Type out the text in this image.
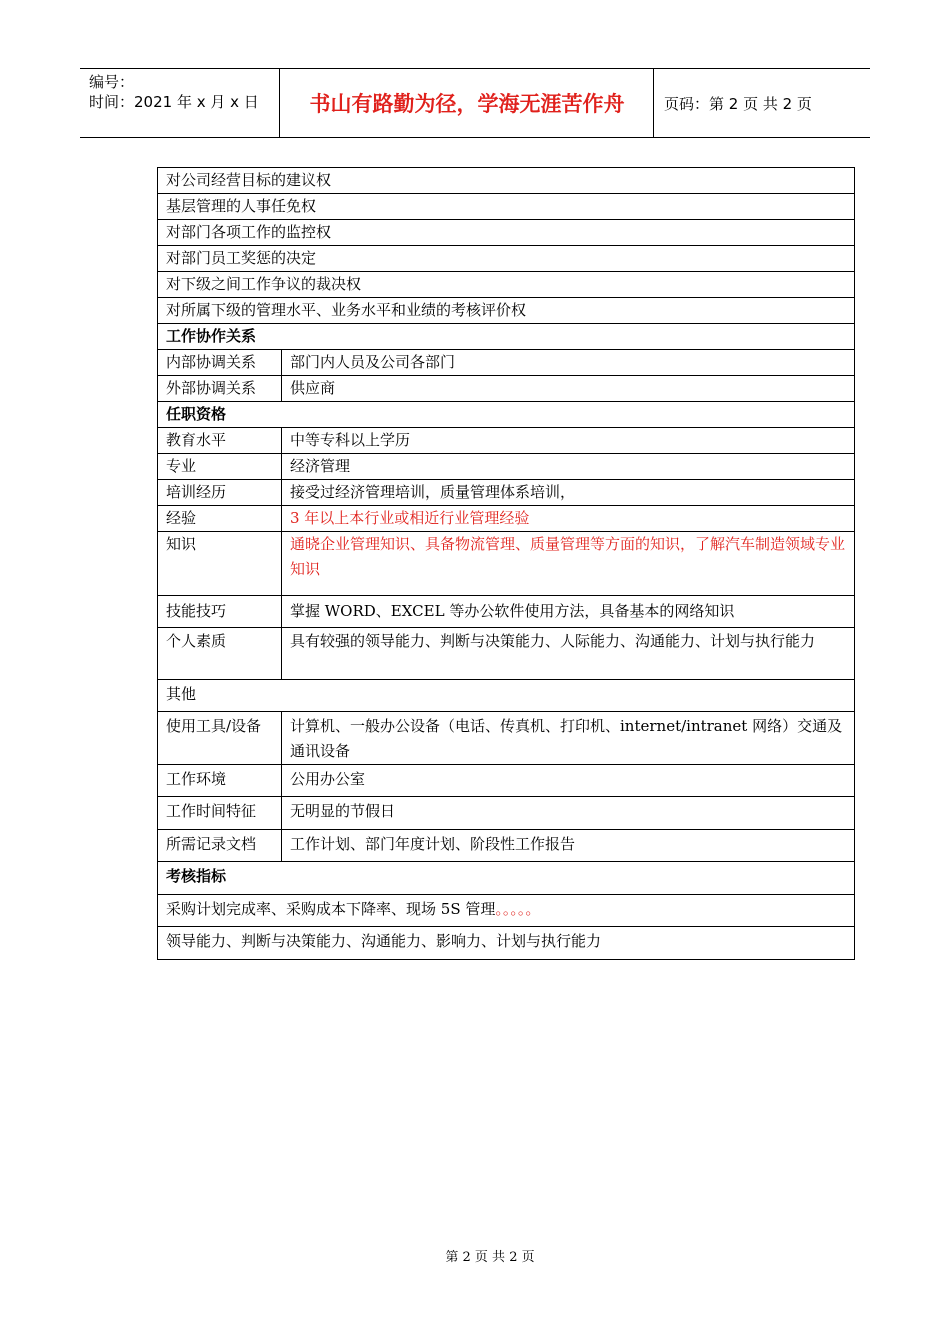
编号：
时间：2021 年 x 月 x 日	书山有路勤为径，学海无涯苦作舟	页码：第 2 页 共 2 页
对公司经营目标的建议权	
基层管理的人事任免权	
对部门各项工作的监控权	
对部门员工奖惩的决定	
对下级之间工作争议的裁决权	
对所属下级的管理水平、业务水平和业绩的考核评价权	
工作协作关系	
内部协调关系	部门内人员及公司各部门
外部协调关系	供应商
任职资格	
教育水平	中等专科以上学历
专业	经济管理
培训经历	接受过经济管理培训，质量管理体系培训，
经验	3 年以上本行业或相近行业管理经验
知识	通晓企业管理知识、具备物流管理、质量管理等方面的知识，了解汽车制造领域专业知识
技能技巧	掌握 WORD、EXCEL 等办公软件使用方法，具备基本的网络知识
个人素质	具有较强的领导能力、判断与决策能力、人际能力、沟通能力、计划与执行能力
其他	
使用工具/设备	计算机、一般办公设备（电话、传真机、打印机、internet/intranet 网络）交通及通讯设备
工作环境	公用办公室
工作时间特征	无明显的节假日
所需记录文档	工作计划、部门年度计划、阶段性工作报告
考核指标	
采购计划完成率、采购成本下降率、现场 5S 管理。。。。。	
领导能力、判断与决策能力、沟通能力、影响力、计划与执行能力	
第 2 页 共 2 页
